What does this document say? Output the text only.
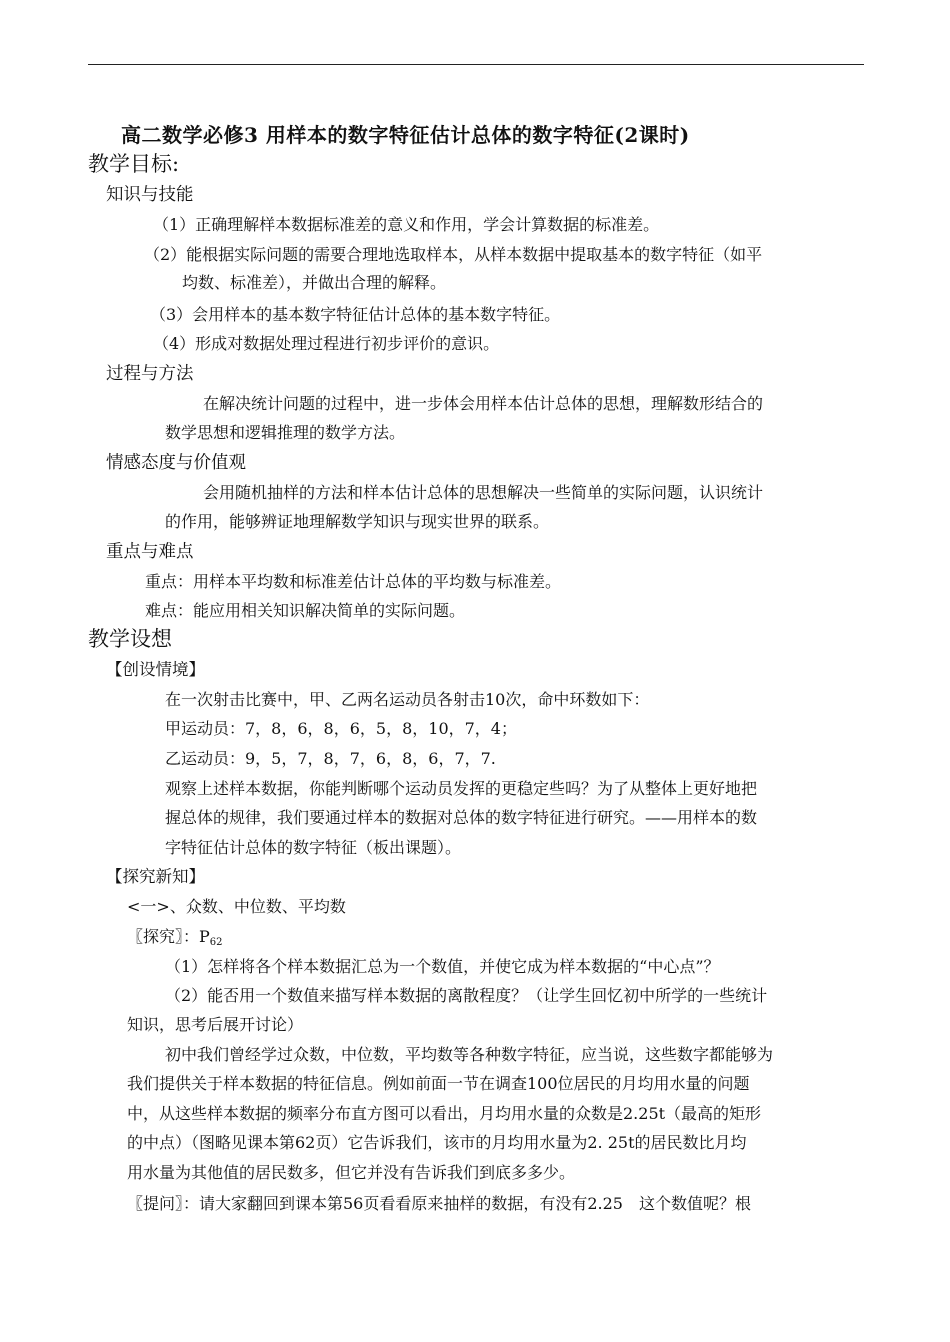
高二数学必修3 用样本的数字特征估计总体的数字特征(2课时)
教学目标:
知识与技能
（1）正确理解样本数据标准差的意义和作用，学会计算数据的标准差。
（2）能根据实际问题的需要合理地选取样本，从样本数据中提取基本的数字特征（如平
均数、标准差），并做出合理的解释。
（3）会用样本的基本数字特征估计总体的基本数字特征。
（4）形成对数据处理过程进行初步评价的意识。
过程与方法
在解决统计问题的过程中，进一步体会用样本估计总体的思想，理解数形结合的
数学思想和逻辑推理的数学方法。
情感态度与价值观
会用随机抽样的方法和样本估计总体的思想解决一些简单的实际问题，认识统计
的作用，能够辨证地理解数学知识与现实世界的联系。
重点与难点
重点：用样本平均数和标准差估计总体的平均数与标准差。
难点：能应用相关知识解决简单的实际问题。
教学设想
【创设情境】
在一次射击比赛中，甲、乙两名运动员各射击10次，命中环数如下：
甲运动员：7，8，6，8，6，5，8，10，7，4；
乙运动员：9，5，7，8，7，6，8，6，7，7.
观察上述样本数据，你能判断哪个运动员发挥的更稳定些吗？为了从整体上更好地把
握总体的规律，我们要通过样本的数据对总体的数字特征进行研究。——用样本的数
字特征估计总体的数字特征（板出课题）。
【探究新知】
<一>、众数、中位数、平均数
〖探究〗：$P_{62}$
（1）怎样将各个样本数据汇总为一个数值，并使它成为样本数据的“中心点”？
（2）能否用一个数值来描写样本数据的离散程度？（让学生回忆初中所学的一些统计
知识，思考后展开讨论）
初中我们曾经学过众数，中位数，平均数等各种数字特征，应当说，这些数字都能够为
我们提供关于样本数据的特征信息。例如前面一节在调查100位居民的月均用水量的问题
中，从这些样本数据的频率分布直方图可以看出，月均用水量的众数是2.25t（最高的矩形
的中点）（图略见课本第62页）它告诉我们，该市的月均用水量为2. 25t的居民数比月均
用水量为其他值的居民数多，但它并没有告诉我们到底多多少。
〖提问〗：请大家翻回到课本第56页看看原来抽样的数据，有没有2.25　这个数值呢？根
